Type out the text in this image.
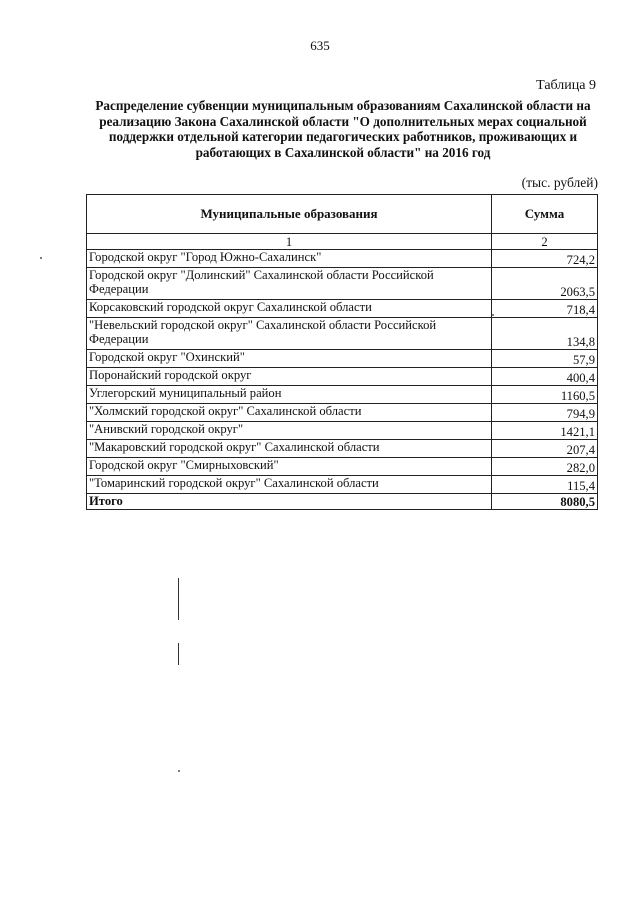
635
Таблица 9
Распределение субвенции муниципальным образованиям Сахалинской области на
реализацию Закона Сахалинской области "О дополнительных мерах социальной
поддержки отдельной категории педагогических работников, проживающих и
работающих в Сахалинской области" на 2016 год
(тыс. рублей)
Муниципальные образования	Сумма
1	2
Городской округ "Город Южно-Сахалинск"	724,2
Городской округ "Долинский" Сахалинской области Российской Федерации	2063,5
Корсаковский городской округ Сахалинской области	718,4
"Невельский городской округ" Сахалинской области Российской Федерации	134,8
Городской округ "Охинский"	57,9
Поронайский городской округ	400,4
Углегорский муниципальный район	1160,5
"Холмский городской округ" Сахалинской области	794,9
"Анивский городской округ"	1421,1
"Макаровский городской округ" Сахалинской области	207,4
Городской округ "Смирныховский"	282,0
"Томаринский городской округ" Сахалинской области	115,4
Итого	8080,5
